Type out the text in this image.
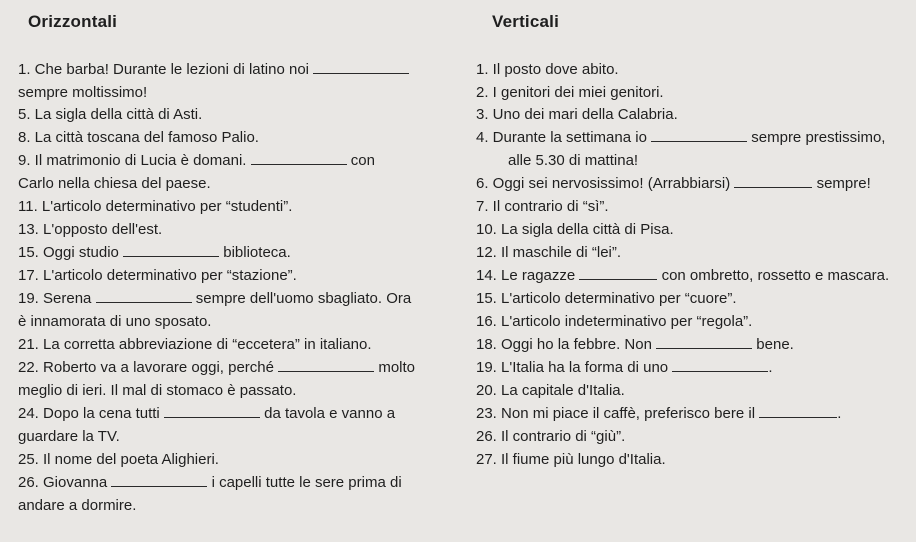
Orizzontali
1. Che barba! Durante le lezioni di latino noi
sempre moltissimo!
5. La sigla della città di Asti.
8. La città toscana del famoso Palio.
9. Il matrimonio di Lucia è domani.	con
Carlo nella chiesa del paese.
11. L'articolo determinativo per “studenti”.
13. L'opposto dell'est.
15. Oggi studio	biblioteca.
17. L'articolo determinativo per “stazione”.
19. Serena	sempre dell'uomo sbagliato. Ora
è innamorata di uno sposato.
21. La corretta abbreviazione di “eccetera” in italiano.
22. Roberto va a lavorare oggi, perché	molto
meglio di ieri. Il mal di stomaco è passato.
24. Dopo la cena tutti	da tavola e vanno a
guardare la TV.
25. Il nome del poeta Alighieri.
26. Giovanna	i capelli tutte le sere prima di
andare a dormire.
Verticali
1. Il posto dove abito.
2. I genitori dei miei genitori.
3. Uno dei mari della Calabria.
4. Durante la settimana io	sempre prestissimo,
alle 5.30 di mattina!
6. Oggi sei nervosissimo! (Arrabbiarsi)	sempre!
7. Il contrario di “sì”.
10. La sigla della città di Pisa.
12. Il maschile di “lei”.
14. Le ragazze	con ombretto, rossetto e mascara.
15. L'articolo determinativo per “cuore”.
16. L'articolo indeterminativo per “regola”.
18. Oggi ho la febbre. Non	bene.
19. L'Italia ha la forma di uno	.
20. La capitale d'Italia.
23. Non mi piace il caffè, preferisco bere il	.
26. Il contrario di “giù”.
27. Il fiume più lungo d'Italia.
